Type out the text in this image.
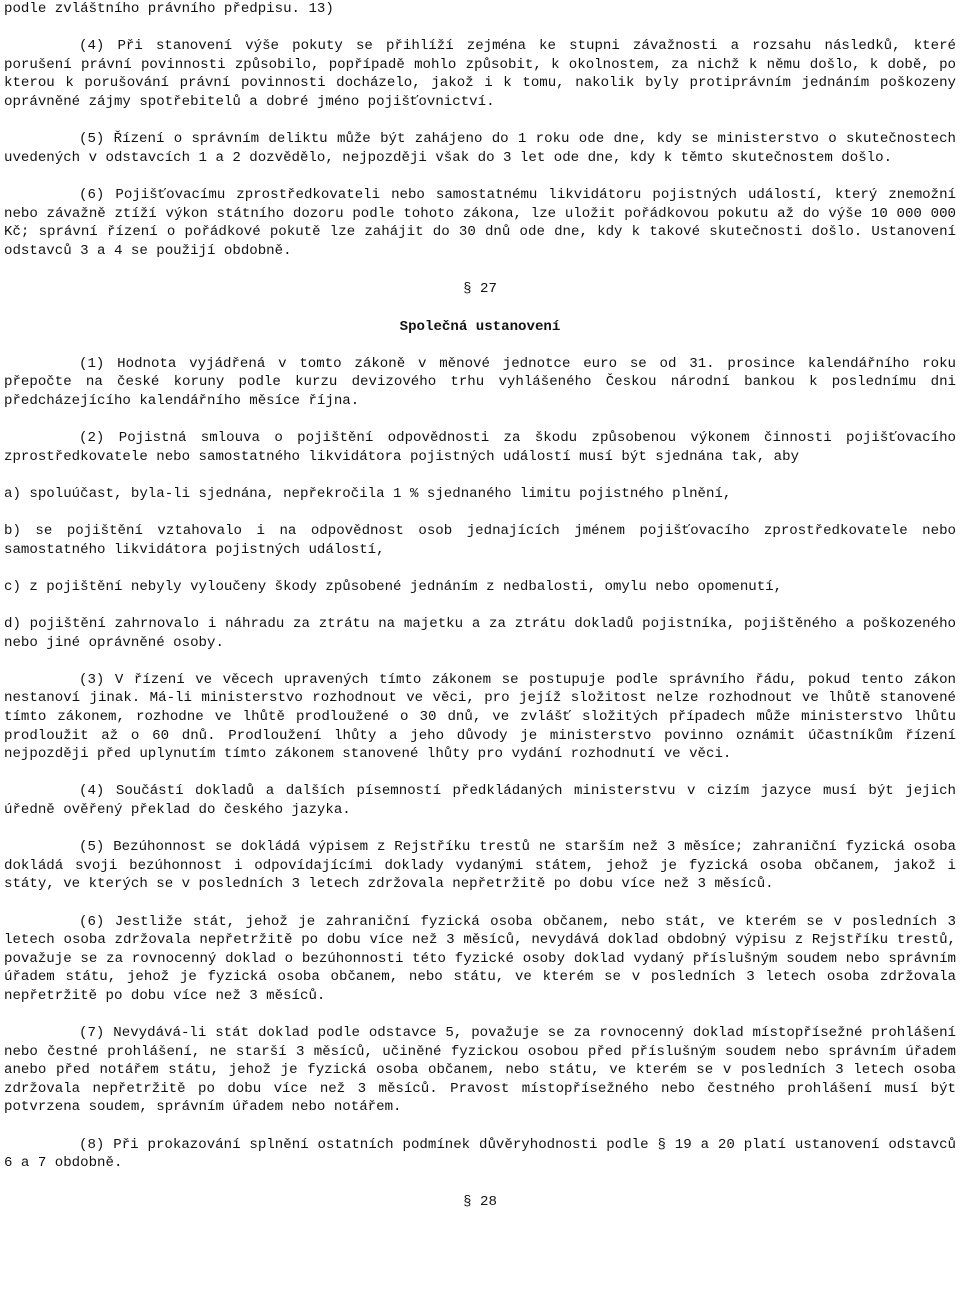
podle zvláštního právního předpisu. 13)

(4) Při stanovení výše pokuty se přihlíží zejména ke stupni závažnosti a rozsahu následků, které porušení právní povinnosti způsobilo, popřípadě mohlo způsobit, k okolnostem, za nichž k němu došlo, k době, po kterou k porušování právní povinnosti docházelo, jakož i k tomu, nakolik byly protiprávním jednáním poškozeny oprávněné zájmy spotřebitelů a dobré jméno pojišťovnictví.

(5) Řízení o správním deliktu může být zahájeno do 1 roku ode dne, kdy se ministerstvo o skutečnostech uvedených v odstavcích 1 a 2 dozvědělo, nejpozději však do 3 let ode dne, kdy k těmto skutečnostem došlo.

(6) Pojišťovacímu zprostředkovateli nebo samostatnému likvidátoru pojistných událostí, který znemožní nebo závažně ztíží výkon státního dozoru podle tohoto zákona, lze uložit pořádkovou pokutu až do výše 10 000 000 Kč; správní řízení o pořádkové pokutě lze zahájit do 30 dnů ode dne, kdy k takové skutečnosti došlo. Ustanovení odstavců 3 a 4 se použijí obdobně.

§ 27

Společná ustanovení

(1) Hodnota vyjádřená v tomto zákoně v měnové jednotce euro se od 31. prosince kalendářního roku přepočte na české koruny podle kurzu devizového trhu vyhlášeného Českou národní bankou k poslednímu dni předcházejícího kalendářního měsíce října.

(2) Pojistná smlouva o pojištění odpovědnosti za škodu způsobenou výkonem činnosti pojišťovacího zprostředkovatele nebo samostatného likvidátora pojistných událostí musí být sjednána tak, aby

a) spoluúčast, byla-li sjednána, nepřekročila 1 % sjednaného limitu pojistného plnění,

b) se pojištění vztahovalo i na odpovědnost osob jednajících jménem pojišťovacího zprostředkovatele nebo samostatného likvidátora pojistných událostí,

c) z pojištění nebyly vyloučeny škody způsobené jednáním z nedbalosti, omylu nebo opomenutí,

d) pojištění zahrnovalo i náhradu za ztrátu na majetku a za ztrátu dokladů pojistníka, pojištěného a poškozeného nebo jiné oprávněné osoby.

(3) V řízení ve věcech upravených tímto zákonem se postupuje podle správního řádu, pokud tento zákon nestanoví jinak. Má-li ministerstvo rozhodnout ve věci, pro jejíž složitost nelze rozhodnout ve lhůtě stanovené tímto zákonem, rozhodne ve lhůtě prodloužené o 30 dnů, ve zvlášť složitých případech může ministerstvo lhůtu prodloužit až o 60 dnů. Prodloužení lhůty a jeho důvody je ministerstvo povinno oznámit účastníkům řízení nejpozději před uplynutím tímto zákonem stanovené lhůty pro vydání rozhodnutí ve věci.

(4) Součástí dokladů a dalších písemností předkládaných ministerstvu v cizím jazyce musí být jejich úředně ověřený překlad do českého jazyka.

(5) Bezúhonnost se dokládá výpisem z Rejstříku trestů ne starším než 3 měsíce; zahraniční fyzická osoba dokládá svoji bezúhonnost i odpovídajícími doklady vydanými státem, jehož je fyzická osoba občanem, jakož i státy, ve kterých se v posledních 3 letech zdržovala nepřetržitě po dobu více než 3 měsíců.

(6) Jestliže stát, jehož je zahraniční fyzická osoba občanem, nebo stát, ve kterém se v posledních 3 letech osoba zdržovala nepřetržitě po dobu více než 3 měsíců, nevydává doklad obdobný výpisu z Rejstříku trestů, považuje se za rovnocenný doklad o bezúhonnosti této fyzické osoby doklad vydaný příslušným soudem nebo správním úřadem státu, jehož je fyzická osoba občanem, nebo státu, ve kterém se v posledních 3 letech osoba zdržovala nepřetržitě po dobu více než 3 měsíců.

(7) Nevydává-li stát doklad podle odstavce 5, považuje se za rovnocenný doklad místopřísežné prohlášení nebo čestné prohlášení, ne starší 3 měsíců, učiněné fyzickou osobou před příslušným soudem nebo správním úřadem anebo před notářem státu, jehož je fyzická osoba občanem, nebo státu, ve kterém se v posledních 3 letech osoba zdržovala nepřetržitě po dobu více než 3 měsíců. Pravost místopřísežného nebo čestného prohlášení musí být potvrzena soudem, správním úřadem nebo notářem.

(8) Při prokazování splnění ostatních podmínek důvěryhodnosti podle § 19 a 20 platí ustanovení odstavců 6 a 7 obdobně.

§ 28
